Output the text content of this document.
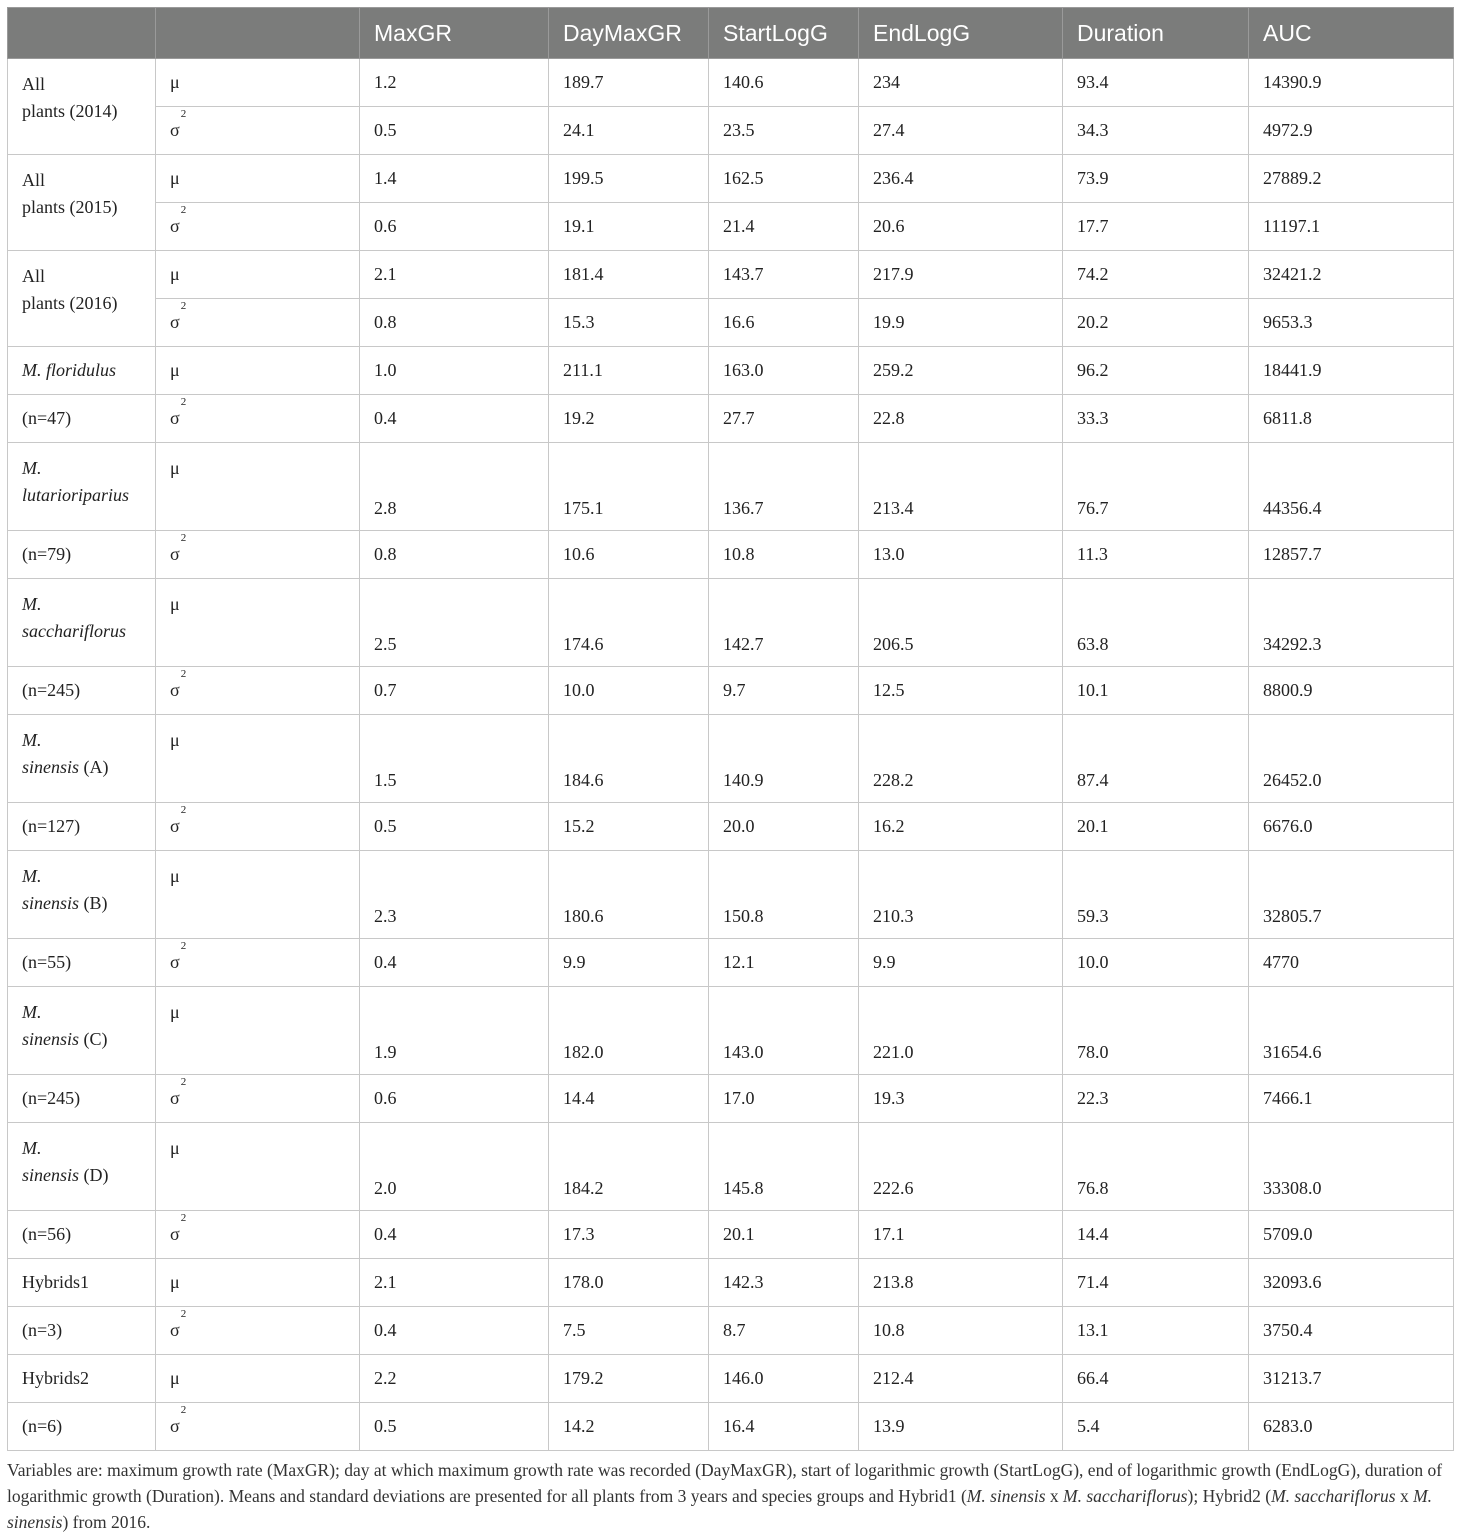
		MaxGR	DayMaxGR	StartLogG	EndLogG	Duration	AUC
All
plants (2014)	μ	1.2	189.7	140.6	234	93.4	14390.9
	$\sigma^2$	0.5	24.1	23.5	27.4	34.3	4972.9
All
plants (2015)	μ	1.4	199.5	162.5	236.4	73.9	27889.2
	$\sigma^2$	0.6	19.1	21.4	20.6	17.7	11197.1
All
plants (2016)	μ	2.1	181.4	143.7	217.9	74.2	32421.2
	$\sigma^2$	0.8	15.3	16.6	19.9	20.2	9653.3
M. floridulus	μ	1.0	211.1	163.0	259.2	96.2	18441.9
(n=47)	$\sigma^2$	0.4	19.2	27.7	22.8	33.3	6811.8
M.
lutarioriparius	μ	2.8	175.1	136.7	213.4	76.7	44356.4
(n=79)	$\sigma^2$	0.8	10.6	10.8	13.0	11.3	12857.7
M.
sacchariflorus	μ	2.5	174.6	142.7	206.5	63.8	34292.3
(n=245)	$\sigma^2$	0.7	10.0	9.7	12.5	10.1	8800.9
M.
sinensis (A)	μ	1.5	184.6	140.9	228.2	87.4	26452.0
(n=127)	$\sigma^2$	0.5	15.2	20.0	16.2	20.1	6676.0
M.
sinensis (B)	μ	2.3	180.6	150.8	210.3	59.3	32805.7
(n=55)	$\sigma^2$	0.4	9.9	12.1	9.9	10.0	4770
M.
sinensis (C)	μ	1.9	182.0	143.0	221.0	78.0	31654.6
(n=245)	$\sigma^2$	0.6	14.4	17.0	19.3	22.3	7466.1
M.
sinensis (D)	μ	2.0	184.2	145.8	222.6	76.8	33308.0
(n=56)	$\sigma^2$	0.4	17.3	20.1	17.1	14.4	5709.0
Hybrids1	μ	2.1	178.0	142.3	213.8	71.4	32093.6
(n=3)	$\sigma^2$	0.4	7.5	8.7	10.8	13.1	3750.4
Hybrids2	μ	2.2	179.2	146.0	212.4	66.4	31213.7
(n=6)	$\sigma^2$	0.5	14.2	16.4	13.9	5.4	6283.0
Variables are: maximum growth rate (MaxGR); day at which maximum growth rate was recorded (DayMaxGR), start of logarithmic growth (StartLogG), end of logarithmic growth (EndLogG), duration of logarithmic growth (Duration). Means and standard deviations are presented for all plants from 3 years and species groups and Hybrid1 (M. sinensis x M. sacchariflorus); Hybrid2 (M. sacchariflorus x M. sinensis) from 2016.
